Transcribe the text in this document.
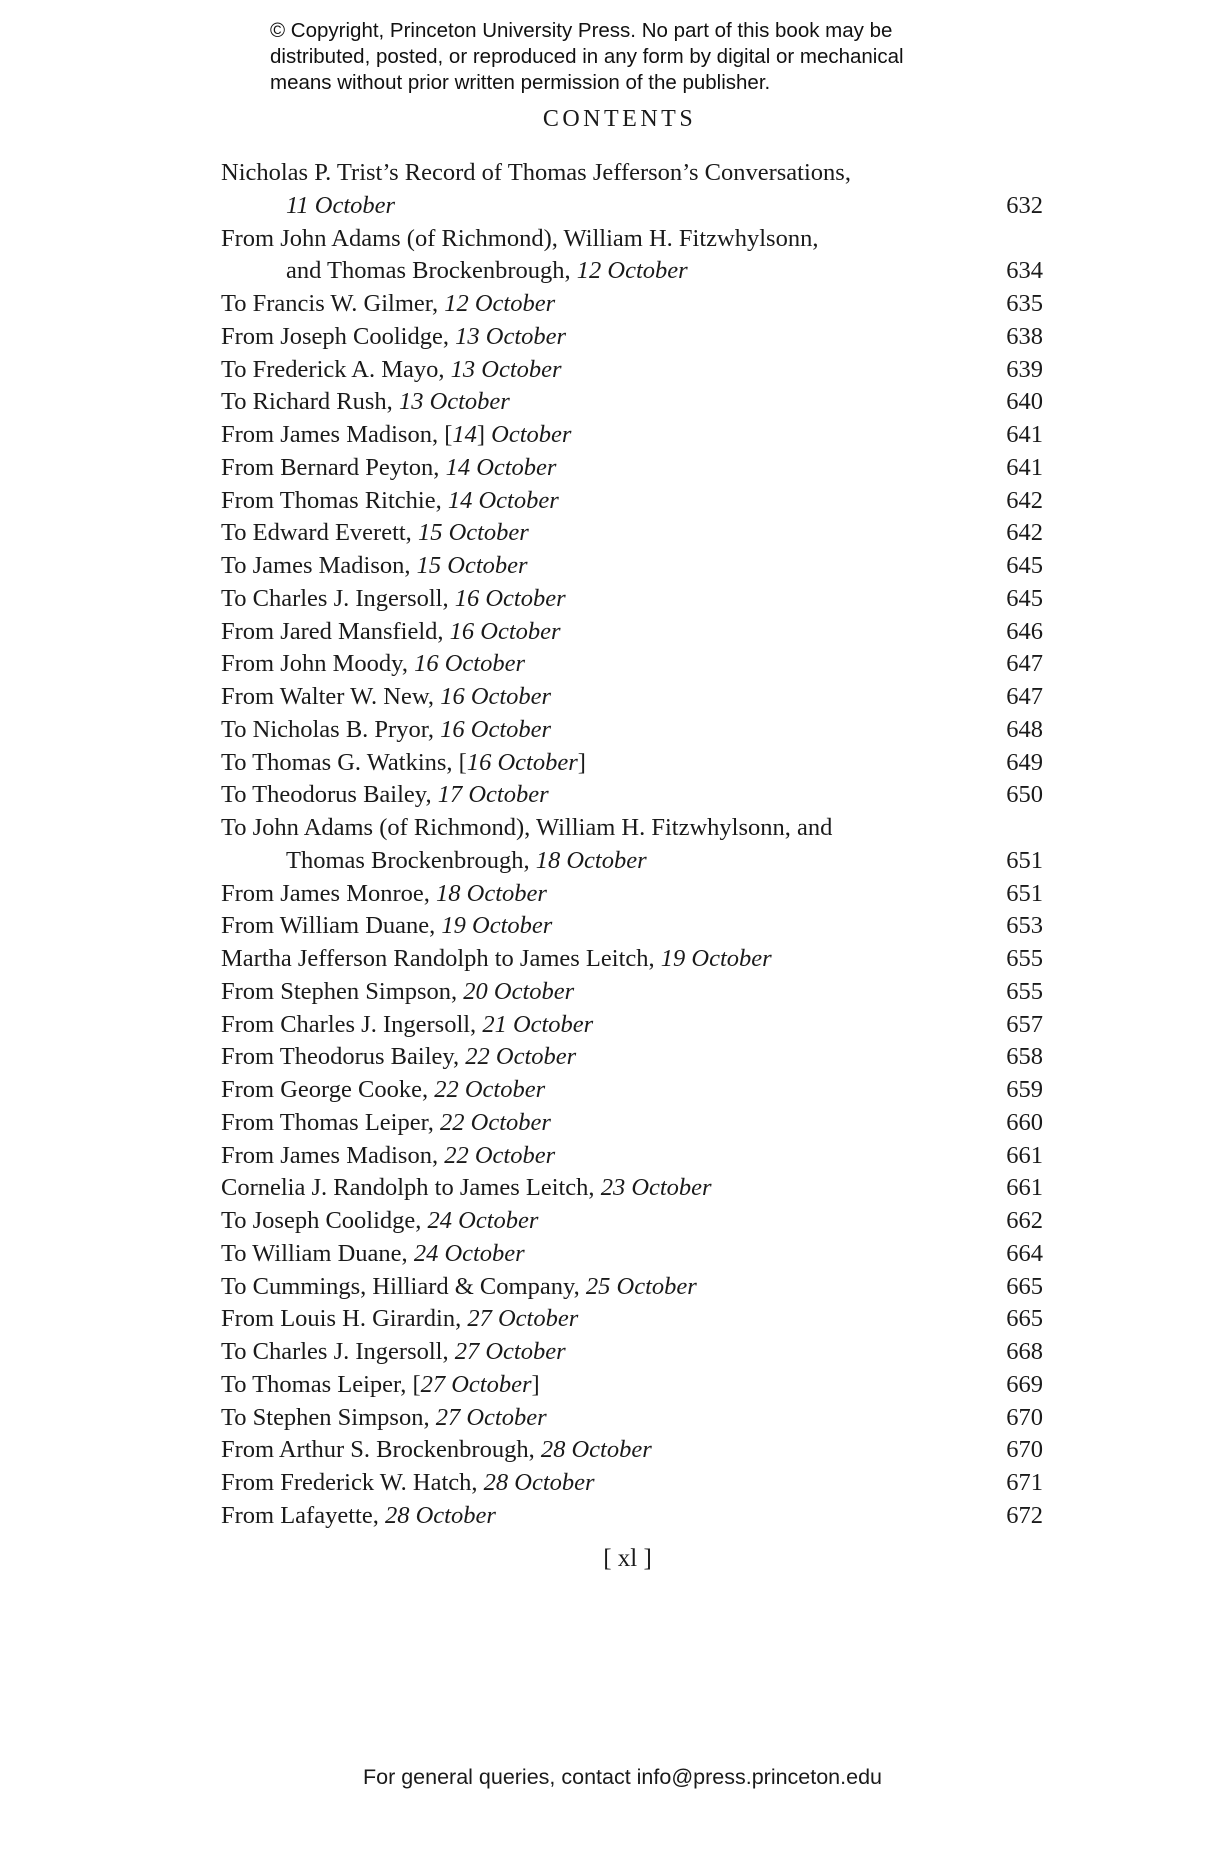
© Copyright, Princeton University Press. No part of this book may be
distributed, posted, or reproduced in any form by digital or mechanical
means without prior written permission of the publisher.
CONTENTS
Nicholas P. Trist’s Record of Thomas Jefferson’s Conversations,
11 October	632
From John Adams (of Richmond), William H. Fitzwhylsonn,
and Thomas Brockenbrough, 12 October	634
To Francis W. Gilmer, 12 October	635
From Joseph Coolidge, 13 October	638
To Frederick A. Mayo, 13 October	639
To Richard Rush, 13 October	640
From James Madison, [14] October	641
From Bernard Peyton, 14 October	641
From Thomas Ritchie, 14 October	642
To Edward Everett, 15 October	642
To James Madison, 15 October	645
To Charles J. Ingersoll, 16 October	645
From Jared Mansfield, 16 October	646
From John Moody, 16 October	647
From Walter W. New, 16 October	647
To Nicholas B. Pryor, 16 October	648
To Thomas G. Watkins, [16 October]	649
To Theodorus Bailey, 17 October	650
To John Adams (of Richmond), William H. Fitzwhylsonn, and
Thomas Brockenbrough, 18 October	651
From James Monroe, 18 October	651
From William Duane, 19 October	653
Martha Jefferson Randolph to James Leitch, 19 October	655
From Stephen Simpson, 20 October	655
From Charles J. Ingersoll, 21 October	657
From Theodorus Bailey, 22 October	658
From George Cooke, 22 October	659
From Thomas Leiper, 22 October	660
From James Madison, 22 October	661
Cornelia J. Randolph to James Leitch, 23 October	661
To Joseph Coolidge, 24 October	662
To William Duane, 24 October	664
To Cummings, Hilliard & Company, 25 October	665
From Louis H. Girardin, 27 October	665
To Charles J. Ingersoll, 27 October	668
To Thomas Leiper, [27 October]	669
To Stephen Simpson, 27 October	670
From Arthur S. Brockenbrough, 28 October	670
From Frederick W. Hatch, 28 October	671
From Lafayette, 28 October	672
[ xl ]
For general queries, contact info@press.princeton.edu
